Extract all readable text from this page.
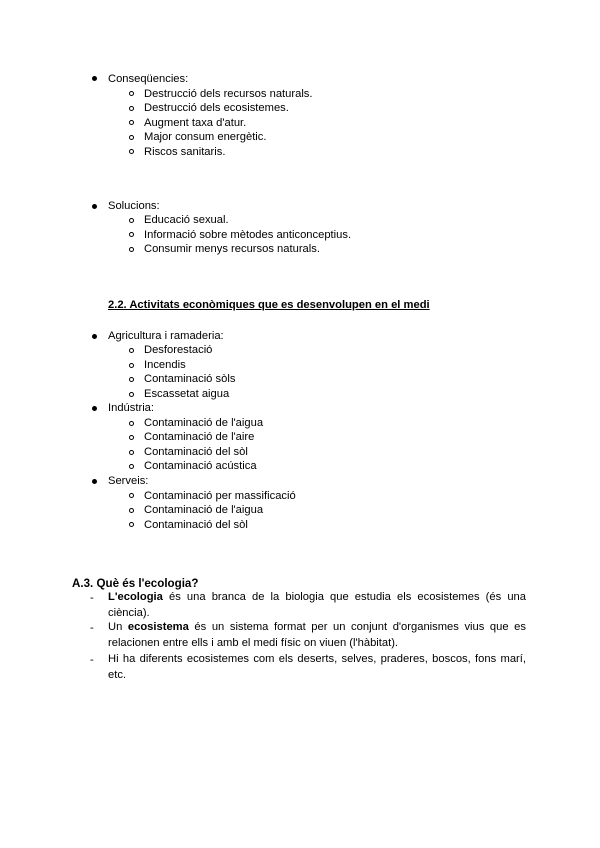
Conseqüencies:
Destrucció dels recursos naturals.
Destrucció dels ecosistemes.
Augment taxa d'atur.
Major consum energètic.
Riscos sanitaris.
Solucions:
Educació sexual.
Informació sobre mètodes anticonceptius.
Consumir menys recursos naturals.
2.2. Activitats econòmiques que es desenvolupen en el medi
Agricultura i ramaderia:
Desforestació
Incendis
Contaminació sòls
Escassetat aigua
Indústria:
Contaminació de l'aigua
Contaminació de l'aire
Contaminació del sòl
Contaminació acústica
Serveis:
Contaminació per massificació
Contaminació de l'aigua
Contaminació del sòl
A.3. Què és l'ecologia?
- L'ecologia és una branca de la biologia que estudia els ecosistemes (és una ciència).
- Un ecosistema és un sistema format per un conjunt d'organismes vius que es relacionen entre ells i amb el medi físic on viuen (l'hàbitat).
- Hi ha diferents ecosistemes com els deserts, selves, praderes, boscos, fons marí, etc.
